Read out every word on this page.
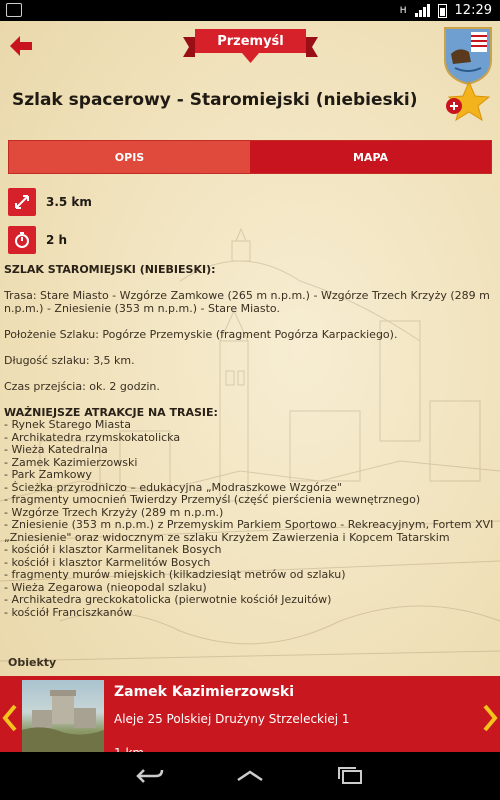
H	12:29
Przemyśl
Szlak spacerowy - Staromiejski (niebieski)
OPIS	MAPA
3.5 km
2 h

SZLAK STAROMIEJSKI (NIEBIESKI):

Trasa: Stare Miasto - Wzgórze Zamkowe (265 m n.p.m.) - Wzgórze Trzech Krzyży (289 m n.p.m.) - Zniesienie (353 m n.p.m.) - Stare Miasto.

Położenie Szlaku: Pogórze Przemyskie (fragment Pogórza Karpackiego).

Długość szlaku: 3,5 km.

Czas przejścia: ok. 2 godzin.

WAŻNIEJSZE ATRAKCJE NA TRASIE:
- Rynek Starego Miasta
- Archikatedra rzymskokatolicka
- Wieża Katedralna
- Zamek Kazimierzowski
- Park Zamkowy
- Ścieżka przyrodniczo – edukacyjna „Modraszkowe Wzgórze"
- fragmenty umocnień Twierdzy Przemyśl (część pierścienia wewnętrznego)
- Wzgórze Trzech Krzyży (289 m n.p.m.)
- Zniesienie (353 m n.p.m.) z Przemyskim Parkiem Sportowo - Rekreacyjnym, Fortem XVI „Zniesienie" oraz widocznym ze szlaku Krzyżem Zawierzenia i Kopcem Tatarskim
- kościół i klasztor Karmelitanek Bosych
- kościół i klasztor Karmelitów Bosych
- fragmenty murów miejskich (kilkadziesiąt metrów od szlaku)
- Wieża Zegarowa (nieopodal szlaku)
- Archikatedra greckokatolicka (pierwotnie kościół Jezuitów)
- kościół Franciszkanów
Obiekty
Zamek Kazimierzowski
Aleje 25 Polskiej Drużyny Strzeleckiej 1
